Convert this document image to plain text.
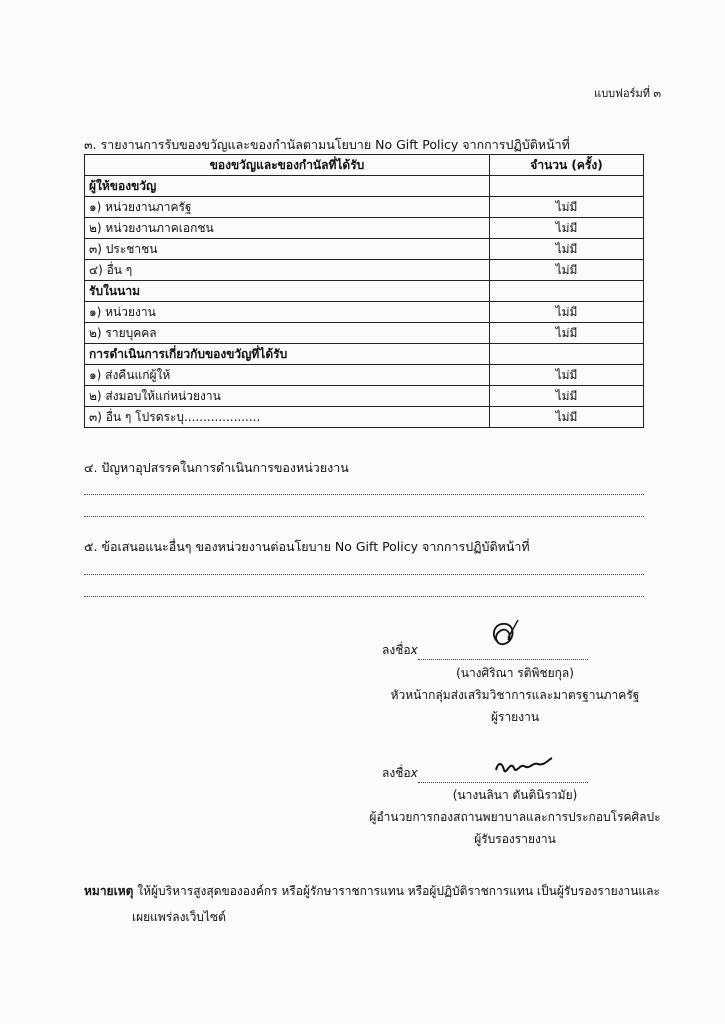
แบบฟอร์มที่ ๓
๓. รายงานการรับของขวัญและของกำนัลตามนโยบาย No Gift Policy จากการปฏิบัติหน้าที่
ของขวัญและของกำนัลที่ได้รับ	จำนวน (ครั้ง)
ผู้ให้ของขวัญ	
๑) หน่วยงานภาครัฐ	ไม่มี
๒) หน่วยงานภาคเอกชน	ไม่มี
๓) ประชาชน	ไม่มี
๔) อื่น ๆ	ไม่มี
รับในนาม	
๑) หน่วยงาน	ไม่มี
๒) รายบุคคล	ไม่มี
การดำเนินการเกี่ยวกับของขวัญที่ได้รับ	
๑) ส่งคืนแก่ผู้ให้	ไม่มี
๒) ส่งมอบให้แก่หน่วยงาน	ไม่มี
๓) อื่น ๆ โปรดระบุ....................	ไม่มี
๔. ปัญหาอุปสรรคในการดำเนินการของหน่วยงาน
๕. ข้อเสนอแนะอื่นๆ ของหน่วยงานต่อนโยบาย No Gift Policy จากการปฏิบัติหน้าที่
ลงชื่อx
(นางศิริณา รติพิชยกุล)
หัวหน้ากลุ่มส่งเสริมวิชาการและมาตรฐานภาครัฐ
ผู้รายงาน
ลงชื่อx
(นางนลินา ตันตินิรามัย)
ผู้อำนวยการกองสถานพยาบาลและการประกอบโรคศิลปะ
ผู้รับรองรายงาน
หมายเหตุ ให้ผู้บริหารสูงสุดขององค์กร หรือผู้รักษาราชการแทน หรือผู้ปฏิบัติราชการแทน เป็นผู้รับรองรายงานและ
เผยแพร่ลงเว็บไซต์
